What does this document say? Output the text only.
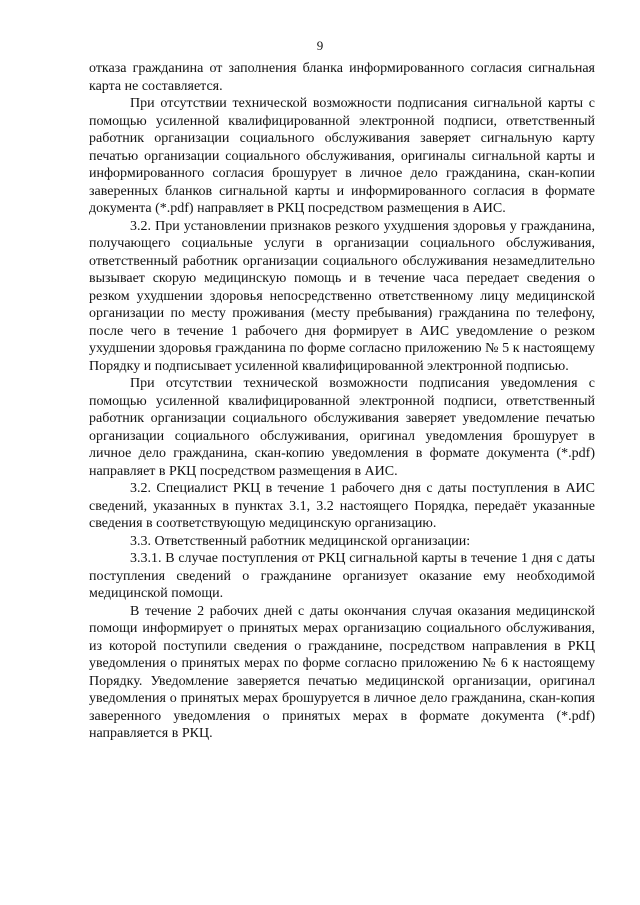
9

отказа гражданина от заполнения бланка информированного согласия сигнальная карта не составляется.

При отсутствии технической возможности подписания сигнальной карты с помощью усиленной квалифицированной электронной подписи, ответственный работник организации социального обслуживания заверяет сигнальную карту печатью организации социального обслуживания, оригиналы сигнальной карты и информированного согласия брошурует в личное дело гражданина, скан-копии заверенных бланков сигнальной карты и информированного согласия в формате документа (*.pdf) направляет в РКЦ посредством размещения в АИС.

3.2. При установлении признаков резкого ухудшения здоровья у гражданина, получающего социальные услуги в организации социального обслуживания, ответственный работник организации социального обслуживания незамедлительно вызывает скорую медицинскую помощь и в течение часа передает сведения о резком ухудшении здоровья непосредственно ответственному лицу медицинской организации по месту проживания (месту пребывания) гражданина по телефону, после чего в течение 1 рабочего дня формирует в АИС уведомление о резком ухудшении здоровья гражданина по форме согласно приложению № 5 к настоящему Порядку и подписывает усиленной квалифицированной электронной подписью.

При отсутствии технической возможности подписания уведомления с помощью усиленной квалифицированной электронной подписи, ответственный работник организации социального обслуживания заверяет уведомление печатью организации социального обслуживания, оригинал уведомления брошурует в личное дело гражданина, скан-копию уведомления в формате документа (*.pdf) направляет в РКЦ посредством размещения в АИС.

3.2. Специалист РКЦ в течение 1 рабочего дня с даты поступления в АИС сведений, указанных в пунктах 3.1, 3.2 настоящего Порядка, передаёт указанные сведения в соответствующую медицинскую организацию.

3.3. Ответственный работник медицинской организации:

3.3.1. В случае поступления от РКЦ сигнальной карты в течение 1 дня с даты поступления сведений о гражданине организует оказание ему необходимой медицинской помощи.

В течение 2 рабочих дней с даты окончания случая оказания медицинской помощи информирует о принятых мерах организацию социального обслуживания, из которой поступили сведения о гражданине, посредством направления в РКЦ уведомления о принятых мерах по форме согласно приложению № 6 к настоящему Порядку. Уведомление заверяется печатью медицинской организации, оригинал уведомления о принятых мерах брошуруется в личное дело гражданина, скан-копия заверенного уведомления о принятых мерах в формате документа (*.pdf) направляется в РКЦ.
